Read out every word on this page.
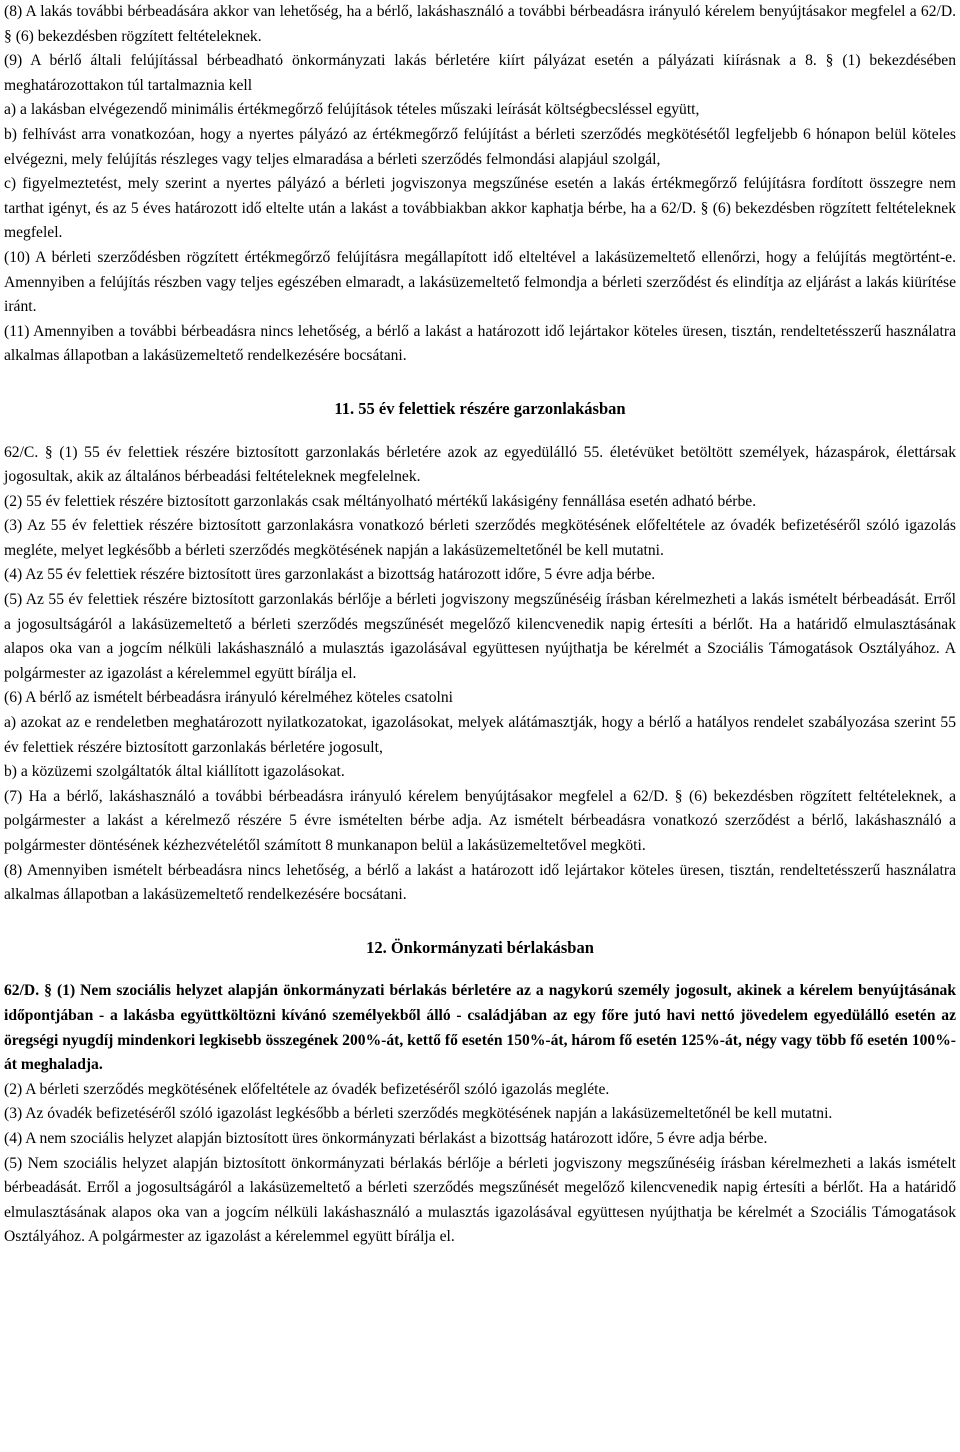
(8) A lakás további bérbeadására akkor van lehetőség, ha a bérlő, lakáshasználó a további bérbeadásra irányuló kérelem benyújtásakor megfelel a 62/D. § (6) bekezdésben rögzített feltételeknek.

(9) A bérlő általi felújítással bérbeadható önkormányzati lakás bérletére kiírt pályázat esetén a pályázati kiírásnak a 8. § (1) bekezdésében meghatározottakon túl tartalmaznia kell

a) a lakásban elvégezendő minimális értékmegőrző felújítások tételes műszaki leírását költségbecsléssel együtt,

b) felhívást arra vonatkozóan, hogy a nyertes pályázó az értékmegőrző felújítást a bérleti szerződés megkötésétől legfeljebb 6 hónapon belül köteles elvégezni, mely felújítás részleges vagy teljes elmaradása a bérleti szerződés felmondási alapjául szolgál,

c) figyelmeztetést, mely szerint a nyertes pályázó a bérleti jogviszonya megszűnése esetén a lakás értékmegőrző felújításra fordított összegre nem tarthat igényt, és az 5 éves határozott idő eltelte után a lakást a továbbiakban akkor kaphatja bérbe, ha a 62/D. § (6) bekezdésben rögzített feltételeknek megfelel.

(10) A bérleti szerződésben rögzített értékmegőrző felújításra megállapított idő elteltével a lakásüzemeltető ellenőrzi, hogy a felújítás megtörtént-e. Amennyiben a felújítás részben vagy teljes egészében elmaradt, a lakásüzemeltető felmondja a bérleti szerződést és elindítja az eljárást a lakás kiürítése iránt.

(11) Amennyiben a további bérbeadásra nincs lehetőség, a bérlő a lakást a határozott idő lejártakor köteles üresen, tisztán, rendeltetésszerű használatra alkalmas állapotban a lakásüzemeltető rendelkezésére bocsátani.

11. 55 év felettiek részére garzonlakásban

62/C. § (1) 55 év felettiek részére biztosított garzonlakás bérletére azok az egyedülálló 55. életévüket betöltött személyek, házaspárok, élettársak jogosultak, akik az általános bérbeadási feltételeknek megfelelnek.

(2) 55 év felettiek részére biztosított garzonlakás csak méltányolható mértékű lakásigény fennállása esetén adható bérbe.

(3) Az 55 év felettiek részére biztosított garzonlakásra vonatkozó bérleti szerződés megkötésének előfeltétele az óvadék befizetéséről szóló igazolás megléte, melyet legkésőbb a bérleti szerződés megkötésének napján a lakásüzemeltetőnél be kell mutatni.

(4) Az 55 év felettiek részére biztosított üres garzonlakást a bizottság határozott időre, 5 évre adja bérbe.

(5) Az 55 év felettiek részére biztosított garzonlakás bérlője a bérleti jogviszony megszűnéséig írásban kérelmezheti a lakás ismételt bérbeadását. Erről a jogosultságáról a lakásüzemeltető a bérleti szerződés megszűnését megelőző kilencvenedik napig értesíti a bérlőt. Ha a határidő elmulasztásának alapos oka van a jogcím nélküli lakáshasználó a mulasztás igazolásával együttesen nyújthatja be kérelmét a Szociális Támogatások Osztályához. A polgármester az igazolást a kérelemmel együtt bírálja el.

(6) A bérlő az ismételt bérbeadásra irányuló kérelméhez köteles csatolni

a) azokat az e rendeletben meghatározott nyilatkozatokat, igazolásokat, melyek alátámasztják, hogy a bérlő a hatályos rendelet szabályozása szerint 55 év felettiek részére biztosított garzonlakás bérletére jogosult,

b) a közüzemi szolgáltatók által kiállított igazolásokat.

(7) Ha a bérlő, lakáshasználó a további bérbeadásra irányuló kérelem benyújtásakor megfelel a 62/D. § (6) bekezdésben rögzített feltételeknek, a polgármester a lakást a kérelmező részére 5 évre ismételten bérbe adja. Az ismételt bérbeadásra vonatkozó szerződést a bérlő, lakáshasználó a polgármester döntésének kézhezvételétől számított 8 munkanapon belül a lakásüzemeltetővel megköti.

(8) Amennyiben ismételt bérbeadásra nincs lehetőség, a bérlő a lakást a határozott idő lejártakor köteles üresen, tisztán, rendeltetésszerű használatra alkalmas állapotban a lakásüzemeltető rendelkezésére bocsátani.

12. Önkormányzati bérlakásban

62/D. § (1) Nem szociális helyzet alapján önkormányzati bérlakás bérletére az a nagykorú személy jogosult, akinek a kérelem benyújtásának időpontjában - a lakásba együttköltözni kívánó személyekből álló - családjában az egy főre jutó havi nettó jövedelem egyedülálló esetén az öregségi nyugdíj mindenkori legkisebb összegének 200%-át, kettő fő esetén 150%-át, három fő esetén 125%-át, négy vagy több fő esetén 100%-át meghaladja.

(2) A bérleti szerződés megkötésének előfeltétele az óvadék befizetéséről szóló igazolás megléte.

(3) Az óvadék befizetéséről szóló igazolást legkésőbb a bérleti szerződés megkötésének napján a lakásüzemeltetőnél be kell mutatni.

(4) A nem szociális helyzet alapján biztosított üres önkormányzati bérlakást a bizottság határozott időre, 5 évre adja bérbe.

(5) Nem szociális helyzet alapján biztosított önkormányzati bérlakás bérlője a bérleti jogviszony megszűnéséig írásban kérelmezheti a lakás ismételt bérbeadását. Erről a jogosultságáról a lakásüzemeltető a bérleti szerződés megszűnését megelőző kilencvenedik napig értesíti a bérlőt. Ha a határidő elmulasztásának alapos oka van a jogcím nélküli lakáshasználó a mulasztás igazolásával együttesen nyújthatja be kérelmét a Szociális Támogatások Osztályához. A polgármester az igazolást a kérelemmel együtt bírálja el.
